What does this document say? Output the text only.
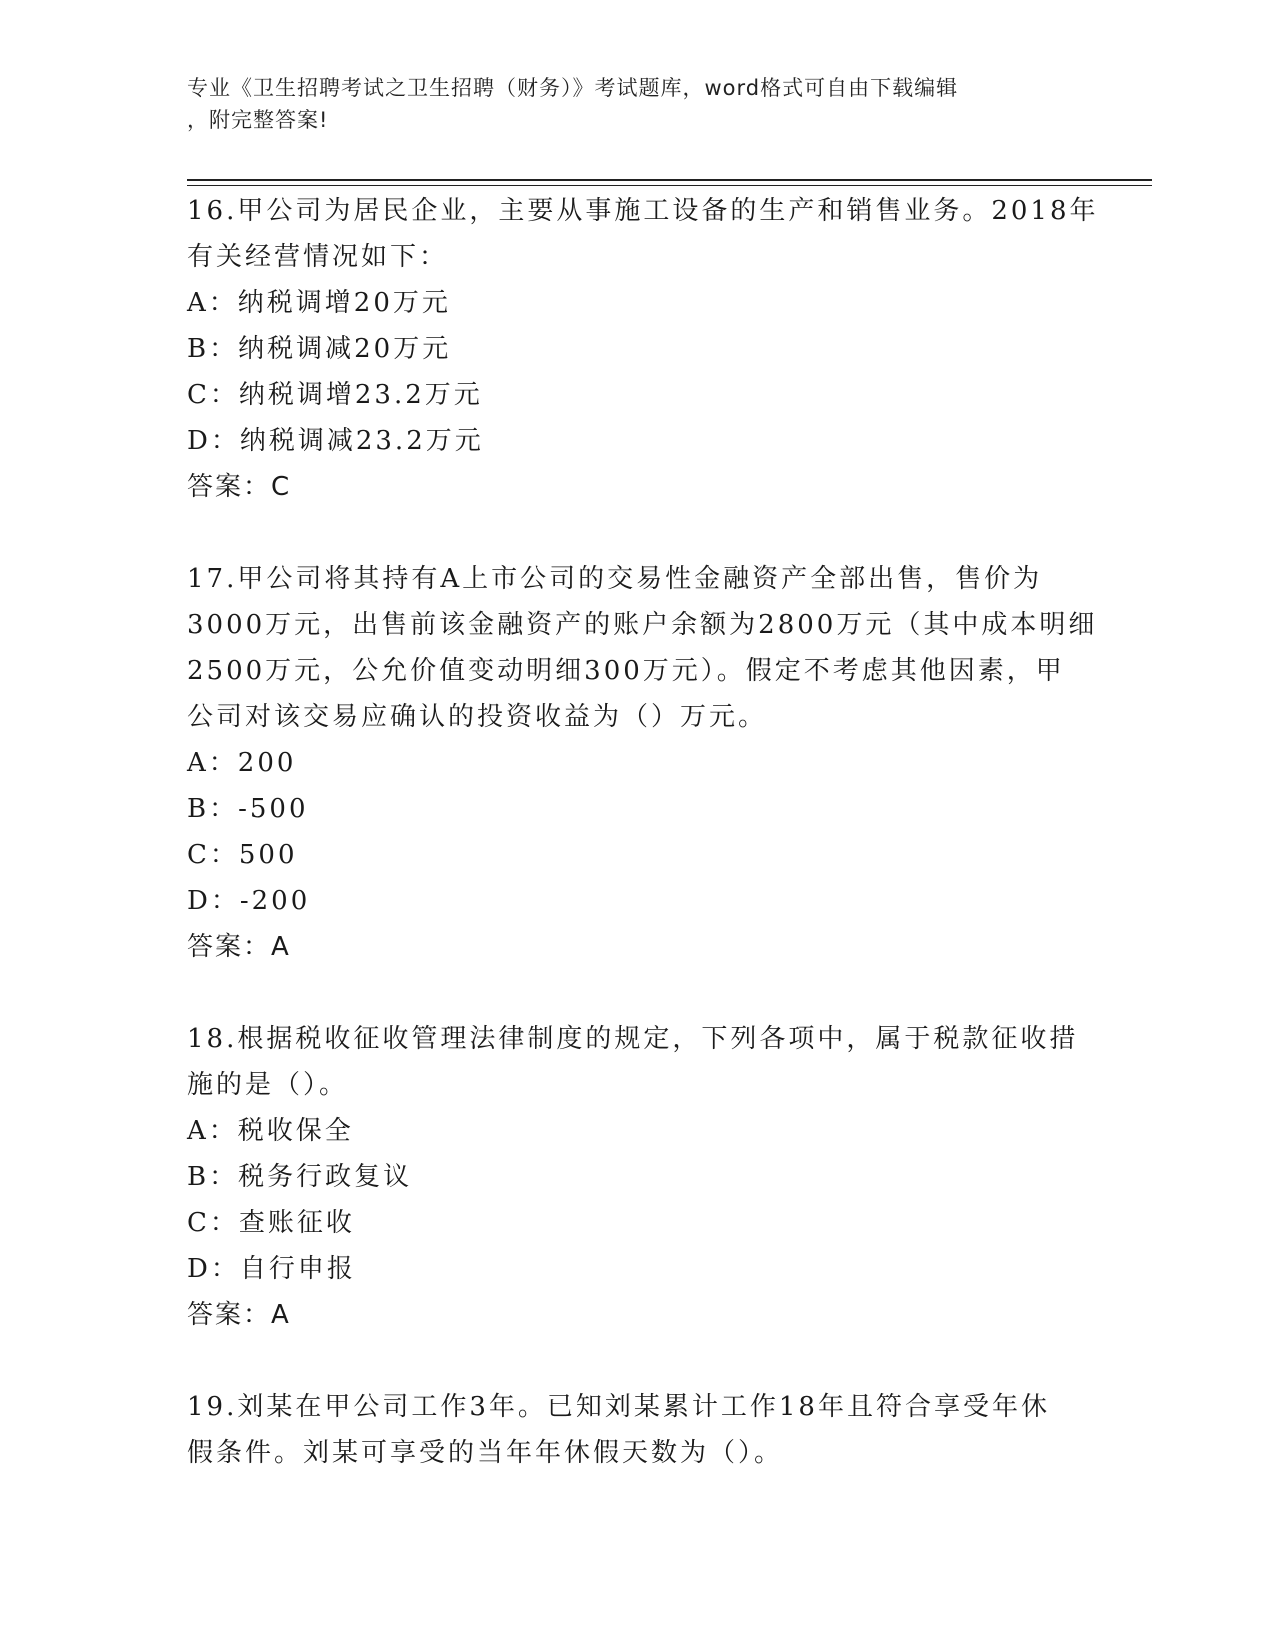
专业《卫生招聘考试之卫生招聘（财务）》考试题库，word格式可自由下载编辑
，附完整答案!
16.甲公司为居民企业，主要从事施工设备的生产和销售业务。2018年
有关经营情况如下：
A：纳税调增20万元
B：纳税调减20万元
C：纳税调增23.2万元
D：纳税调减23.2万元
答案：C
17.甲公司将其持有A上市公司的交易性金融资产全部出售，售价为
3000万元，出售前该金融资产的账户余额为2800万元（其中成本明细
2500万元，公允价值变动明细300万元）。假定不考虑其他因素，甲
公司对该交易应确认的投资收益为（）万元。
A：200
B：-500
C：500
D：-200
答案：A
18.根据税收征收管理法律制度的规定，下列各项中，属于税款征收措
施的是（）。
A：税收保全
B：税务行政复议
C：查账征收
D：自行申报
答案：A
19.刘某在甲公司工作3年。已知刘某累计工作18年且符合享受年休
假条件。刘某可享受的当年年休假天数为（）。
